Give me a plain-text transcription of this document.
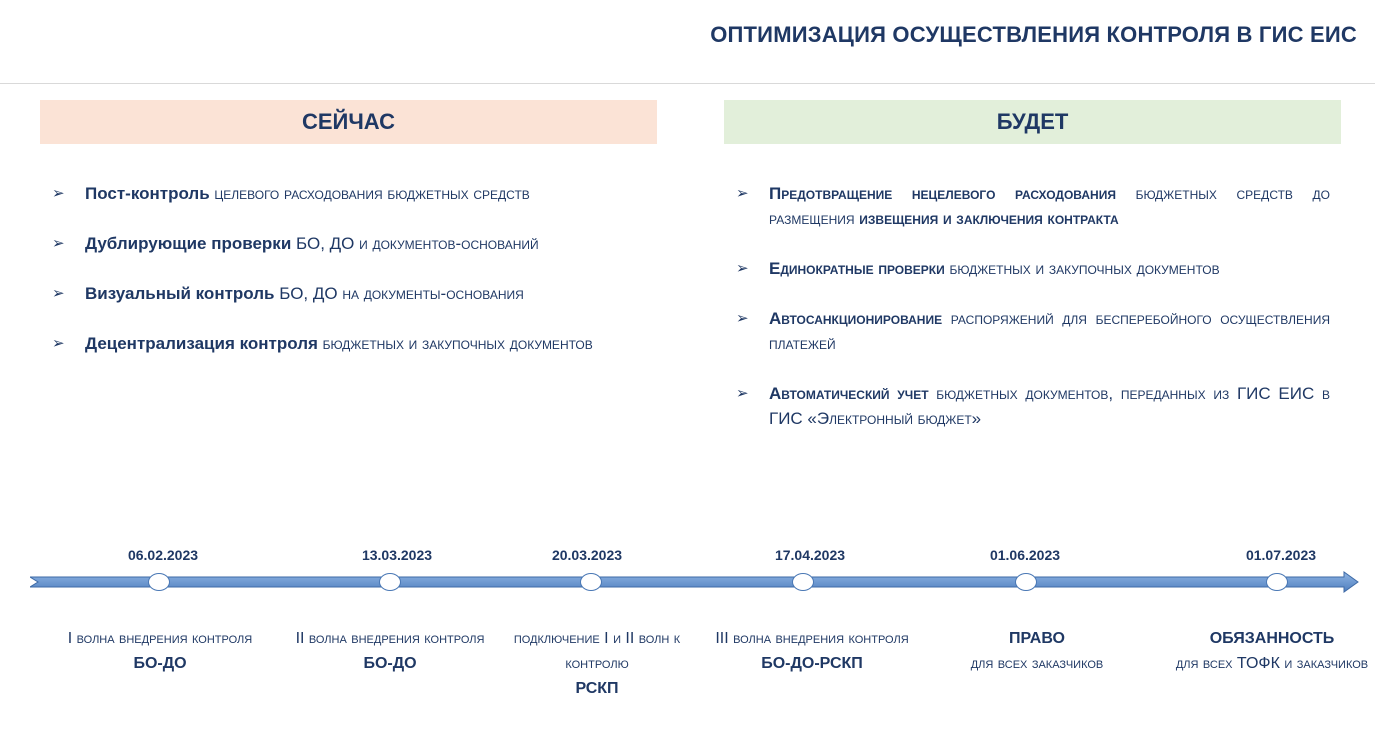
ОПТИМИЗАЦИЯ ОСУЩЕСТВЛЕНИЯ КОНТРОЛЯ В ГИС ЕИС
СЕЙЧАС	БУДЕТ
➢ Пост-контроль целевого расходования бюджетных средств
➢ Дублирующие проверки БО, ДО и документов-оснований
➢ Визуальный контроль БО, ДО на документы-основания
➢ Децентрализация контроля бюджетных и закупочных документов
➢ Предотвращение нецелевого расходования бюджетных средств до размещения извещения и заключения контракта
➢ Единократные проверки бюджетных и закупочных документов
➢ Автосанкционирование распоряжений для бесперебойного осуществления платежей
➢ Автоматический учет бюджетных документов, переданных из ГИС ЕИС в ГИС «Электронный бюджет»
06.02.2023
I волна внедрения контроля
БО-ДО
13.03.2023
II волна внедрения контроля
БО-ДО
20.03.2023
подключение I и II волн к контролю
РСКП
17.04.2023
III волна внедрения контроля
БО-ДО-РСКП
01.06.2023
ПРАВО
для всех заказчиков
01.07.2023
ОБЯЗАННОСТЬ
для всех ТОФК и заказчиков
